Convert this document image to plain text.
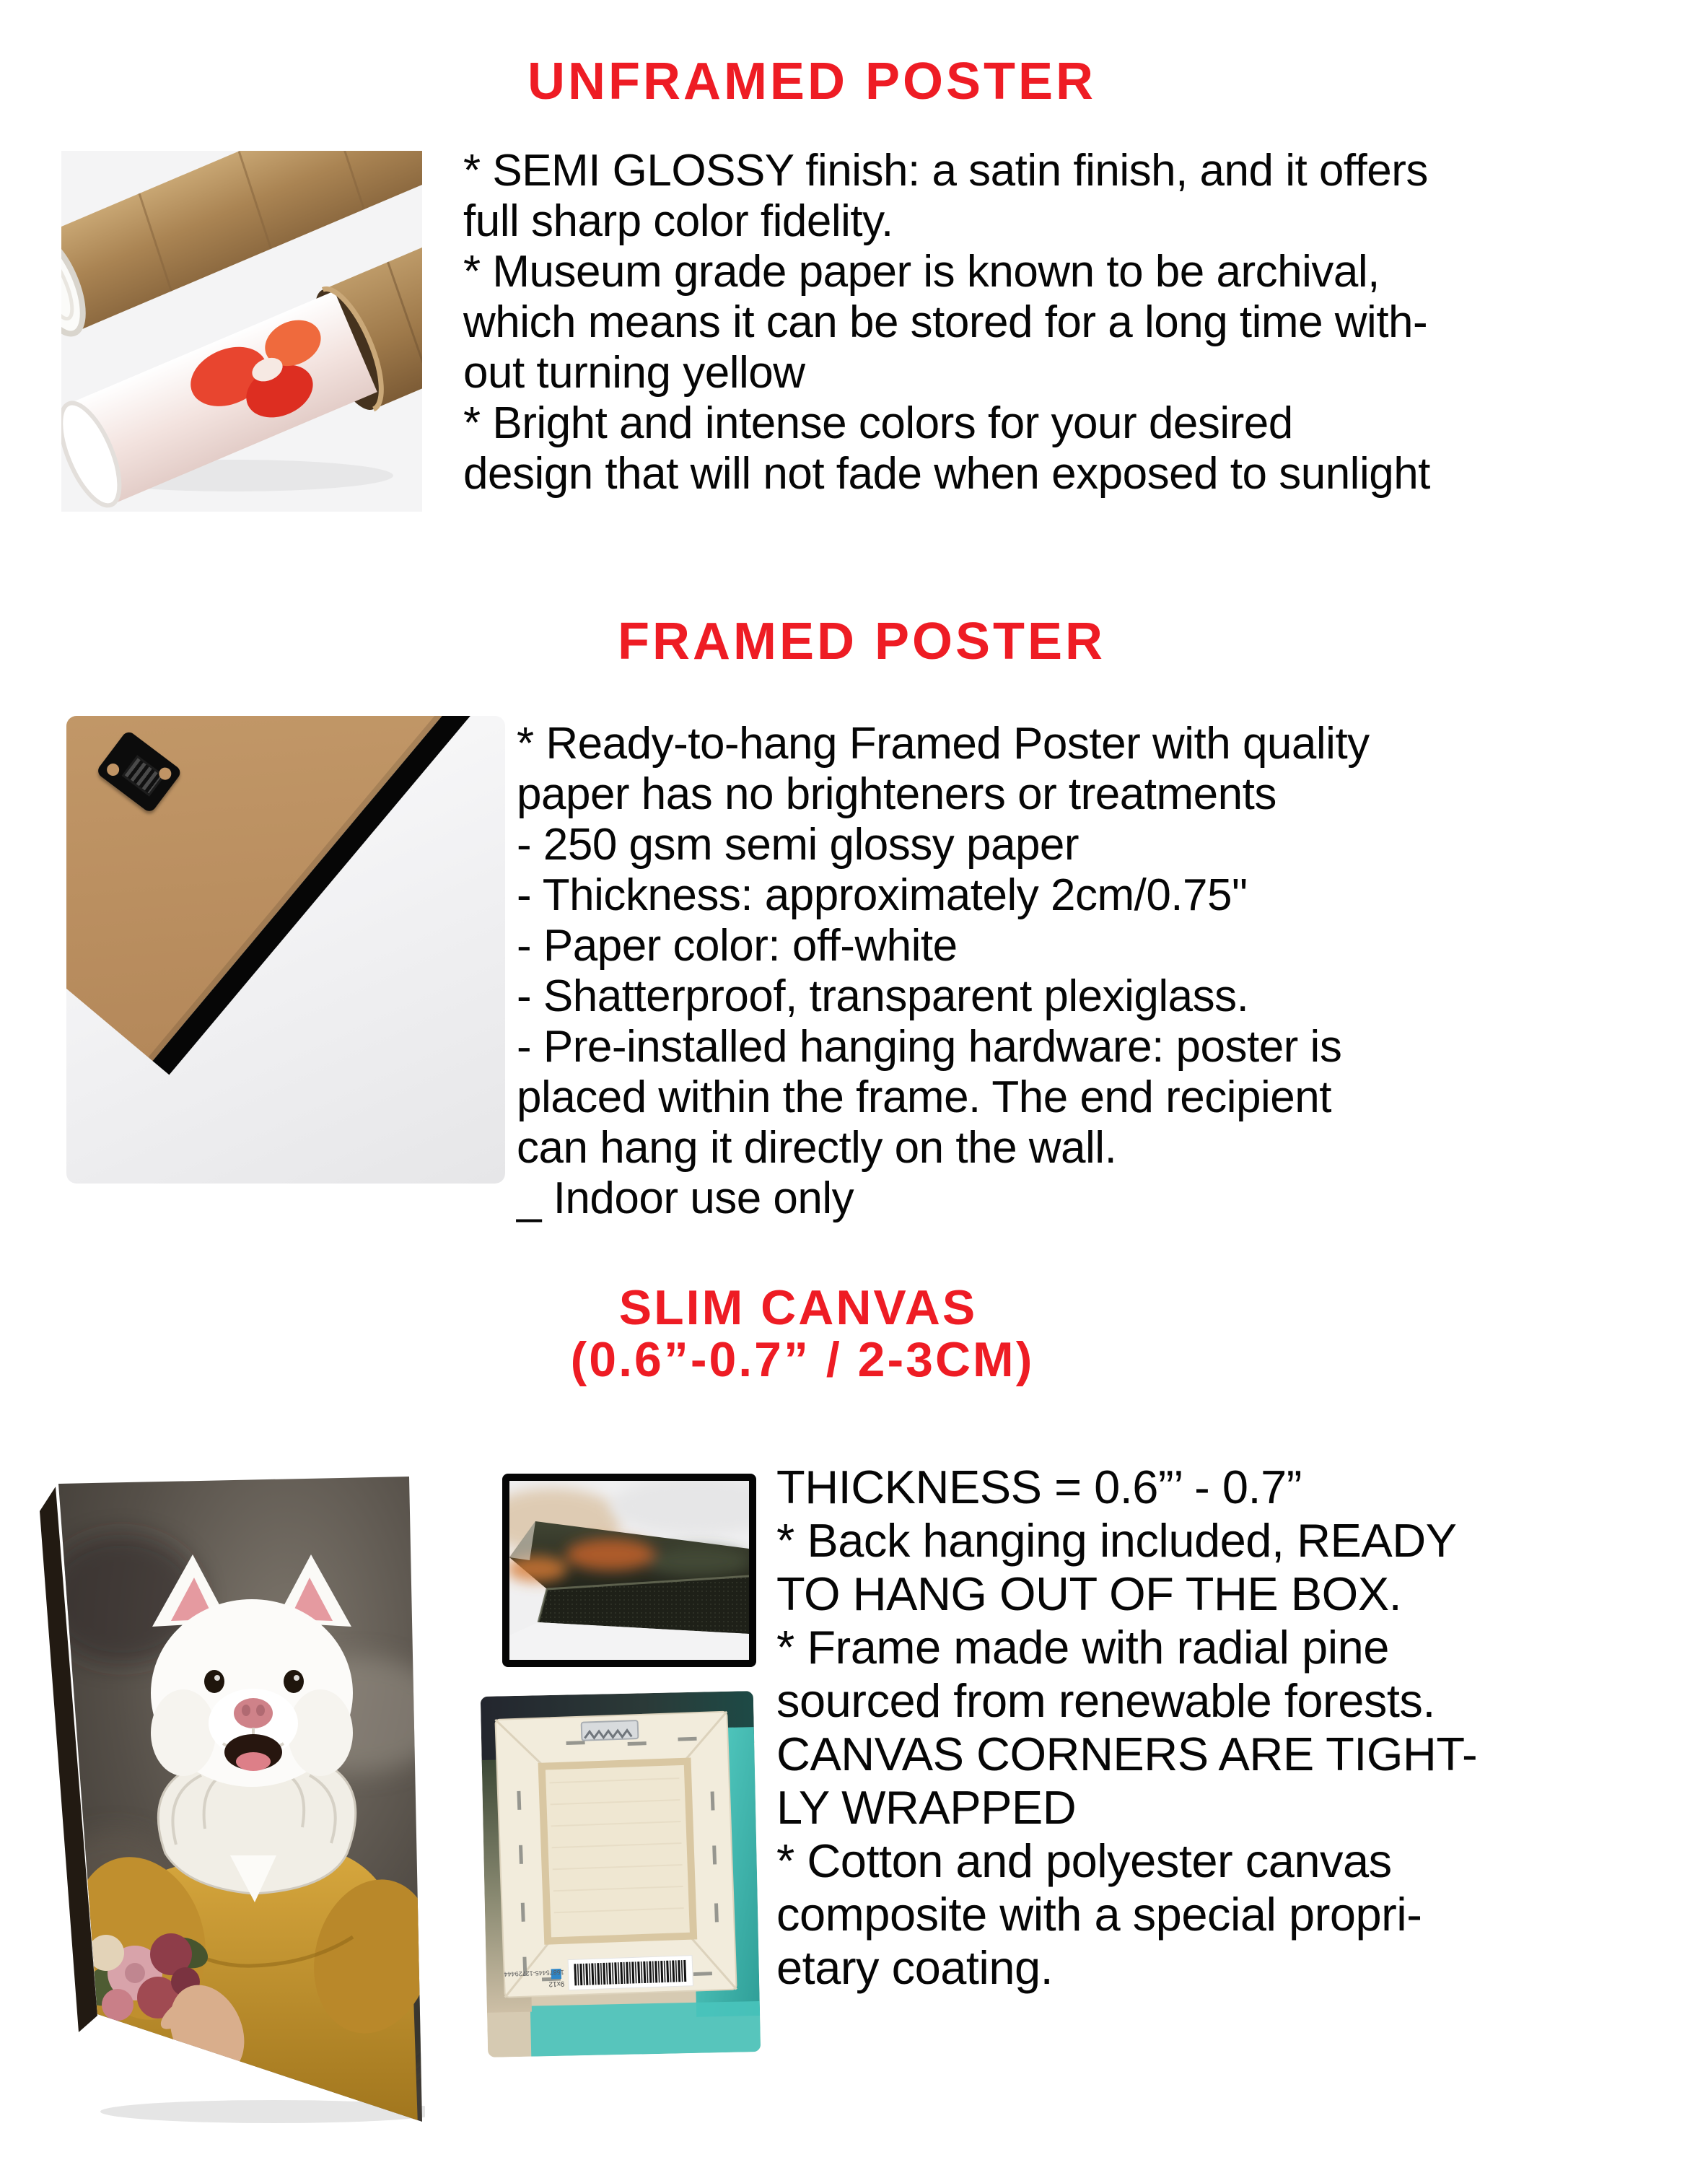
UNFRAMED POSTER
* SEMI GLOSSY finish: a satin finish, and it offers
full sharp color fidelity.
* Museum grade paper is known to be archival,
which means it can be stored for a long time with-
out turning yellow
* Bright and intense colors for your desired
design that will not fade when exposed to sunlight
FRAMED POSTER
* Ready-to-hang Framed Poster with quality
paper has no brighteners or treatments
- 250 gsm semi glossy paper
- Thickness: approximately 2cm/0.75"
- Paper color: off-white
- Shatterproof, transparent plexiglass.
- Pre-installed hanging hardware: poster is
placed within the frame. The end recipient
can hang it directly on the wall.
_ Indoor use only
SLIM CANVAS
(0.6”-0.7” / 2-3CM)
16875445-12729444
9x12
THICKNESS = 0.6”’ - 0.7”
* Back hanging included, READY
TO HANG OUT OF THE BOX.
* Frame made with radial pine
sourced from renewable forests.
CANVAS CORNERS ARE TIGHT-
LY WRAPPED
* Cotton and polyester canvas
composite with a special propri-
etary coating.
